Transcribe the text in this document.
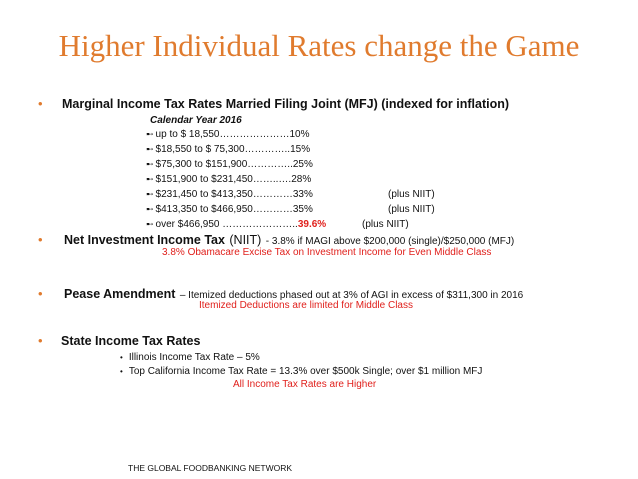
Higher Individual Rates change the Game
• Marginal Income Tax Rates Married Filing Joint (MFJ) (indexed for inflation)
Calendar Year 2016
➸ up to $ 18,550…………………10%
➸ $18,550 to $ 75,300…………..15%
➸ $75,300 to $151,900…………..25%
➸ $151,900 to $231,450……..….28%
➸ $231,450 to $413,350…………33%	(plus NIIT)
➸ $413,350 to $466,950…………35%	(plus NIIT)
➸ over $466,950 …………………..39.6%	(plus NIIT)
• Net Investment Income Tax (NIIT) - 3.8% if MAGI above $200,000 (single)/$250,000 (MFJ)
3.8% Obamacare Excise Tax on Investment Income for Even Middle Class
• Pease Amendment – Itemized deductions phased out at 3% of AGI in excess of $311,300 in 2016
Itemized Deductions are limited for Middle Class
• State Income Tax Rates
• Illinois Income Tax Rate – 5%
• Top California Income Tax Rate = 13.3% over $500k Single; over $1 million MFJ
All Income Tax Rates are Higher
THE GLOBAL FOODBANKING NETWORK
